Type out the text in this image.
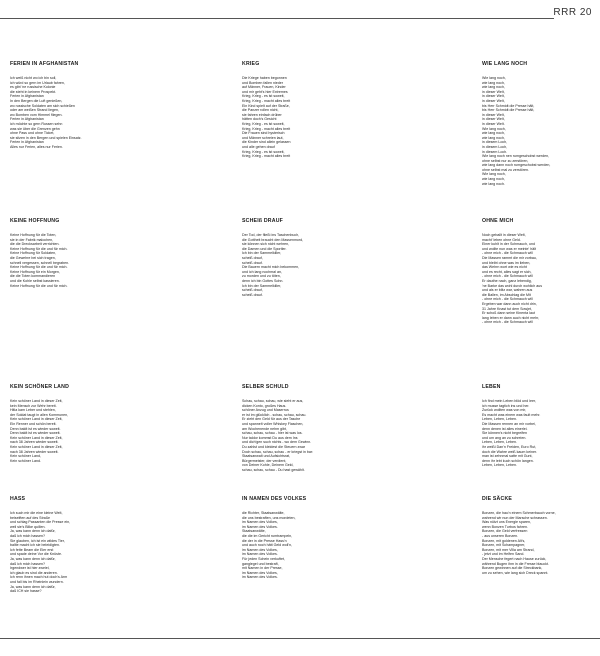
RRR 20
FERIEN IN AFGHANISTAN
Ich weiß nicht wo ich bin soll,
ich würd so gern im Urlaub fahren,
es gibt 'ne russische Kolonie
die steht in keinem Prospekt.
Ferien in Afghanistan
In den Bergen die Luft genießen,
wo russische Soldaten am sich schießen
oder am weißen Strand liegen,
wo Bomben vom Himmel fliegen.
Ferien in Afghanistan
ich möchte so gern Russen sehn
was sie über die Grenzen gehn
ohne Pass und ohne Ticket,
sie sitzen in den Bergen und spielen Einsatz.
Ferien in Afghanistan
Alles nur Ferien, alles nur Ferien.
KRIEG
Die Kriege haben begonnen
und Bomben fallen nieder
auf Männer, Frauen, Kinder
und mir geht's hier Extremes
Krieg, Krieg - es ist soweit,
Krieg, Krieg - macht alles breit
Ein Kind spielt auf der Straße,
die Panzer rollen nicht,
sie fahren einfach drüber
hätten doch's Gesicht
Krieg, Krieg - es ist soweit,
Krieg, Krieg - macht alles breit
Die Frauen sind hysterisch
und Männer schreien laut,
die Kinder sind allein gelassen
und alle gehen drauf
Krieg, Krieg - es ist soweit,
Krieg, Krieg - macht alles breit
WIE LANG NOCH
Wie lang noch,
wie lang noch,
wie lang noch,
in dieser Welt,
in dieser Welt,
in dieser Welt,
bis Herr Schmidt die Presse hält,
bis Herr Schmidt die Presse hält,
in dieser Welt,
in dieser Welt,
in dieser Welt.
Wie lang noch,
wie lang noch,
wie lang noch,
in diesem Loch,
in diesem Loch,
in diesem Loch.
Wie lang noch nen rumgeschobst werden,
ohne selbst nur zu zerstören,
wie lang dann noch rumgeschobst werden,
ohne selbst mal zu zerstören.
Wie lang noch,
wie lang noch,
wie lang noch.
KEINE HOFFNUNG
Keine Hoffnung für die Toten,
sie in der Fabrik malochen,
die die Drecksarbeit verrichten.
Keine Hoffnung für die und für mich.
Keine Hoffnung für Soldaten,
die Gewehre bei sich tragen,
schnell vergessen, schnell begraben.
Keine Hoffnung für die und für mich.
Keine Hoffnung für ein Morgen,
die die Toten kommandieren
und die Kohle selbst kassieren.
Keine Hoffnung für die und für mich.
SCHEIß DRAUF
Der Tod, der fließt ins Taschenbuch,
die Gottheit braucht den Massenmord,
sie können sich nicht wehren,
die Damen und die Sportler.
Ich bin der Sammelkiller,
scheiß drauf,
scheiß drauf.
Die Bauern macht mich bekommen,
und ich lang nochmal an,
zu morden und zu töten,
denn ich bin Gottes Sohn.
Ich bin der Sammelkiller,
scheiß drauf,
scheiß drauf.
OHNE MICH
Noch geballt in dieser Welt,
macht' leben ohne Geld.
Einer kuhlt in der Schmauch, und
und wollte nun was er meinte' hält
- ohne mich - die Schmauch will
Die Massen rammt die mir vorbau,
und bleibt ohne was im lieben,
das Wehrn wort wie es nicht
und es recht, alles sagt er sich,
- ohne mich - die Schmauch will
Er dauthe nach, ganz lebendig,
'ne Barke das wohl durch wohlich aus
und als er blitz war, wahren aus
die Ballen, im Abschlag die Mit
- ohne mich - die Schmauch will
Ergeben war dann auch nicht drin,
31 Jahre Knast tut dem Sowjet,
Er schoß dann seine Kinenta laut
lang leben er dann auch nicht mehr,
- ohne mich - die Schmauch will
KEIN SCHÖNER LAND
Kein schöner Land in dieser Zeit,
kein Mensch zur Wehr bereit.
Hitla kam Leber und stehlen,
der Soldat taugt in allen Kommunen,
Kein schöner Land in dieser Zeit,
Ein Renner und schön bereit.
Denn baldt ist es wieder soweit.
Denn baldt ist es wieder soweit.
Kein schöner Land in dieser Zeit,
nach 38 Jahren wieder soweit.
Kein schöner Land in dieser Zeit,
nach 38 Jahren wieder soweit.
Kein schöner Land,
Kein schöner Land.
SELBER SCHULD
Schau, schau, schau, wie sieht er aus,
dicken Konto, großes Haus.
schöner Anzug und Maserrus
er ist im glücklich - schau, schau, schau.
Er zieht den Geld für aus der Tasche
und spannelt voller Whiskey Flaschen,
am Wochenende nehm gibt,
schau, schau, schau - hier ist was los.
Nur taldor kommst Du aus dem Ins
und dich'gen such nichts - wo dem Gewinn.
Du zahlst und kleidest die Steuern zwar
Doch schau, schau, schau - er kriegst in bar:
Staatsanwalt und Aufsichtsrat,
Bürgermeister, der verdient,
von Deiner Kohle, Deinem Geld,
schau, schau, schau - Du hast gewählt.
LEBEN
Ich find mein Leben blöd und leer,
ich musse tagtich ins und her.
Zurück wollten was von mir,
Es macht was einem was fault mehr.
Leben, Leben, Leben.
Die Massen rennen an mir vorbei,
denn denen ist alles einerlei.
Sie können's nicht begreifen
und um ang an zu schreien.
Leben, Leben, Leben.
ihr weißt Dan'n Freiden, Euro Rut,
doch die Wahre weiß kaum keiner.
man ist zehnmal satte mit Gunt,
denn ihr lebt kuch schön langen.
Leben, Leben, Leben.
HASS
Ich such mir die eine kleine Welt,
beiseiften auf des Straße
und schlag Passanten die Presse ein,
weil sie's Blike quillen.
Ja, was kann denn ich dafür,
daß ich mich hassen?
Sie glauben, ich ist ein wildes Tier,
ballte macht ich sie beleidigten.
Ich fette Beam die Eier erst
und spade deine Vor die Knüste.
Ja, was kann denn ich dafür,
daß ich mich hassen?
Irgendwer ist hier zweiel,
ich glaub es sind die anderen.
Ich renn ihnen mach hut doch's Arm
und fall bis im Rheinlein wundern.
Ja, was kann denn ich dafür,
daß ICH sie hasse?
IN NAMEN DES VOLKES
die Richter, Staatsanwälte,
die uns bestraften, uns mordeten,
im Namen des Volkes,
im Namen des Volkes.
Staatsanwälte,
die die im Gericht rumtrampeln,
die der in die Presse Hass'n
und auch noch hätt Geld woll'n,
im Namen des Volkes,
im Namen des Volkes.
Für jeden Schein verkuftet,
ganglegel und bestraft,
mit Namen in der Presse,
im Namen des Volkes,
im Namen des Volkes.
DIE SÄCKE
Bonzen, die hau'n einem Schmerbauch vorne,
wahrend wir nun der Marsche schrassen.
Was nützt uns Energie sparen,
wenn Bonzen Turbos fahren.
Bonzen, die Geld verfressen
- aus unseren Bonzen.
Bonzen, mit goldenen Alt's,
Bonzen, mit Schampagner,
Bonzen, mit mer Villa am Strand,
- jetzt und im Helfen Sand.
Der Mensche fegert nach Hause zurück,
während Bugen ihm in die Fresse blauckt.
Bonzen gewinnen auf die Streckbank,
um zu sehen, wie lang sich Dreck spannt.
